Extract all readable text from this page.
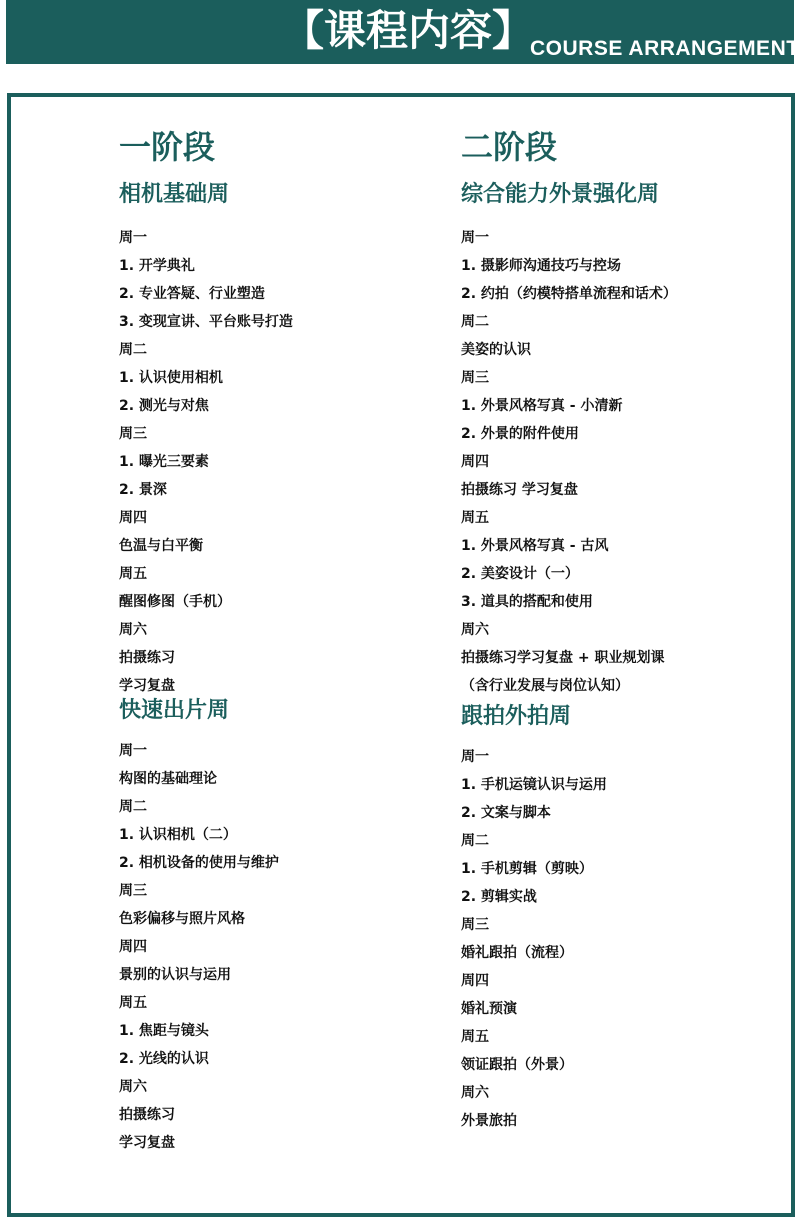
【课程内容】
COURSE ARRANGEMENT
一阶段
相机基础周
周一
1. 开学典礼
2. 专业答疑、行业塑造
3. 变现宣讲、平台账号打造
周二
1. 认识使用相机
2. 测光与对焦
周三
1. 曝光三要素
2. 景深
周四
色温与白平衡
周五
醒图修图（手机）
周六
拍摄练习
学习复盘
快速出片周
周一
构图的基础理论
周二
1. 认识相机（二）
2. 相机设备的使用与维护
周三
色彩偏移与照片风格
周四
景别的认识与运用
周五
1. 焦距与镜头
2. 光线的认识
周六
拍摄练习
学习复盘
二阶段
综合能力外景强化周
周一
1. 摄影师沟通技巧与控场
2. 约拍（约模特搭单流程和话术）
周二
美姿的认识
周三
1. 外景风格写真 - 小清新
2. 外景的附件使用
周四
拍摄练习 学习复盘
周五
1. 外景风格写真 - 古风
2. 美姿设计（一）
3. 道具的搭配和使用
周六
拍摄练习学习复盘 + 职业规划课
（含行业发展与岗位认知）
跟拍外拍周
周一
1. 手机运镜认识与运用
2. 文案与脚本
周二
1. 手机剪辑（剪映）
2. 剪辑实战
周三
婚礼跟拍（流程）
周四
婚礼预演
周五
领证跟拍（外景）
周六
外景旅拍
